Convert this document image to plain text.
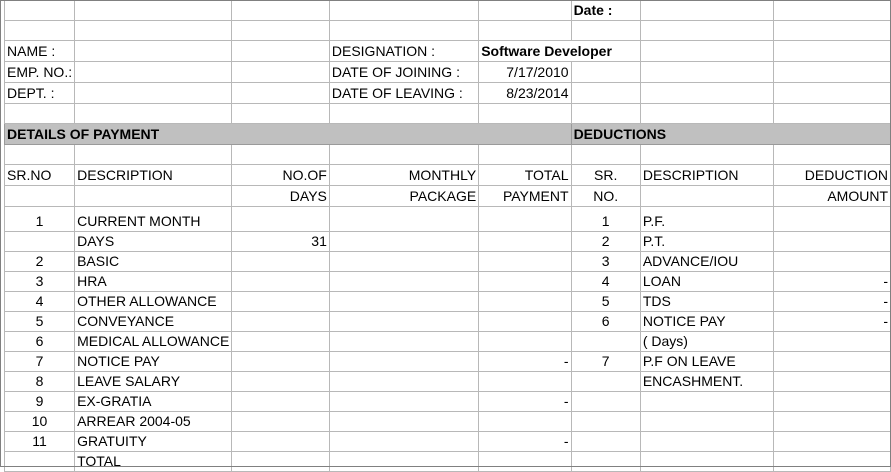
					Date :		

NAME :			DESIGNATION :	Software Developer			
EMP. NO.:			DATE OF JOINING :	7/17/2010			
DEPT. :			DATE OF LEAVING :	8/23/2014			

DETAILS OF PAYMENT					DEDUCTIONS		

SR.NO	DESCRIPTION	NO.OF	MONTHLY	TOTAL	SR.	DESCRIPTION	DEDUCTION
		DAYS	PACKAGE	PAYMENT	NO.		AMOUNT
1	CURRENT MONTH				1	P.F.	
	DAYS	31			2	P.T.	
2	BASIC				3	ADVANCE/IOU	
3	HRA				4	LOAN	-
4	OTHER ALLOWANCE				5	TDS	-
5	CONVEYANCE				6	NOTICE PAY	-
6	MEDICAL ALLOWANCE					( Days)	
7	NOTICE PAY			-	7	P.F ON LEAVE	
8	LEAVE SALARY					ENCASHMENT.	
9	EX-GRATIA			-			
10	ARREAR 2004-05						
11	GRATUITY			-			
	TOTAL						
